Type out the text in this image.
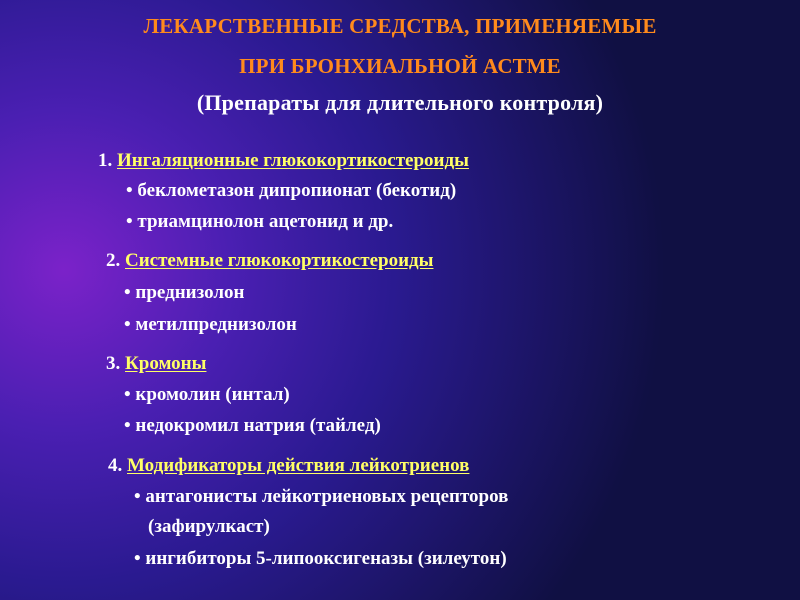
ЛЕКАРСТВЕННЫЕ СРЕДСТВА, ПРИМЕНЯЕМЫЕ
ПРИ БРОНХИАЛЬНОЙ АСТМЕ
(Препараты для длительного контроля)
1. Ингаляционные глюкокортикостероиды
• беклометазон дипропионат (бекотид)
• триамцинолон ацетонид и др.
2. Системные глюкокортикостероиды
• преднизолон
• метилпреднизолон
3. Кромоны
• кромолин (интал)
• недокромил натрия (тайлед)
4. Модификаторы действия лейкотриенов
• антагонисты лейкотриеновых рецепторов
(зафирулкаст)
• ингибиторы 5-липооксигеназы (зилеутон)
